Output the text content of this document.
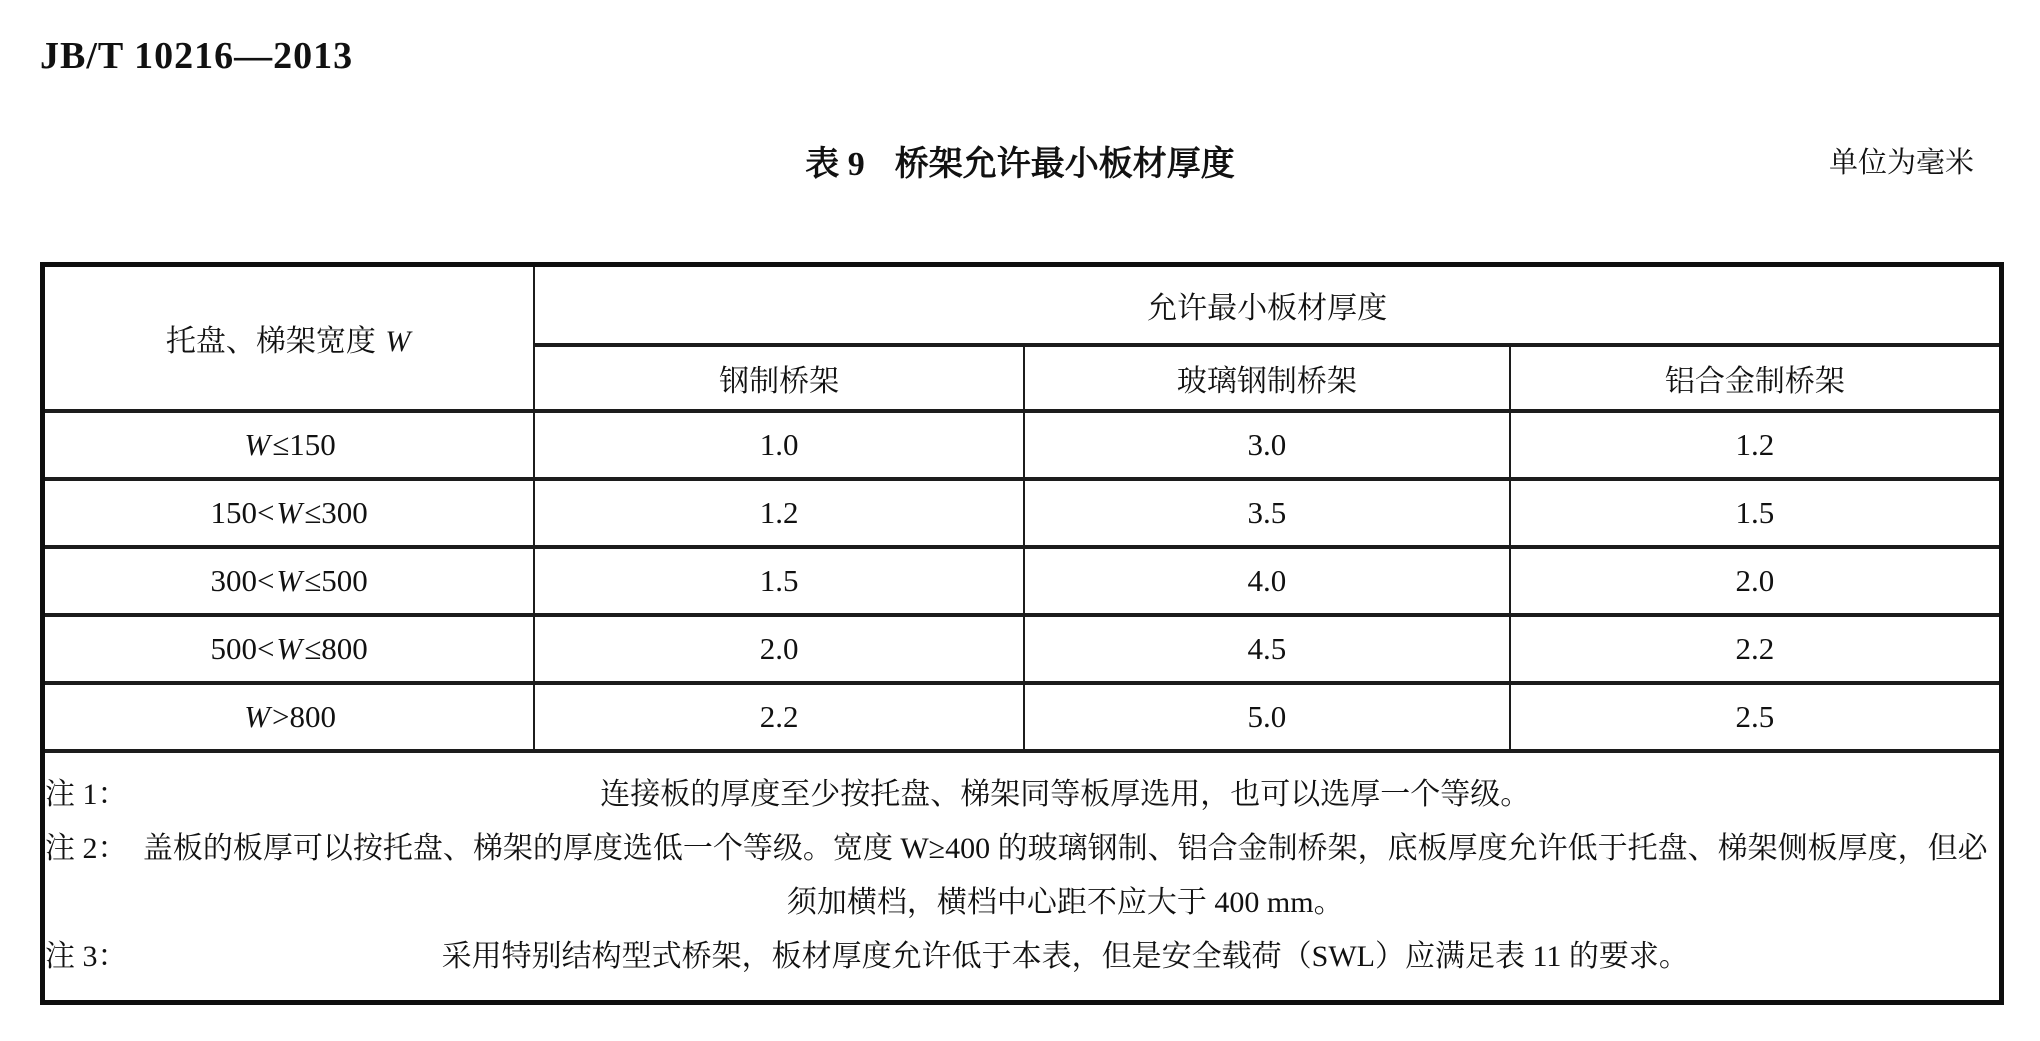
JB/T 10216—2013
表 9 桥架允许最小板材厚度	单位为毫米
托盘、梯架宽度 W	允许最小板材厚度		
	钢制桥架	玻璃钢制桥架	铝合金制桥架
W≤150	1.0	3.0	1.2
150<W≤300	1.2	3.5	1.5
300<W≤500	1.5	4.0	2.0
500<W≤800	2.0	4.5	2.2
W>800	2.2	5.0	2.5

注 1：	连接板的厚度至少按托盘、梯架同等板厚选用，也可以选厚一个等级。
注 2： 盖板的板厚可以按托盘、梯架的厚度选低一个等级。宽度 W≥400 的玻璃钢制、铝合金制桥架，底板厚度允许低于托盘、梯架侧板厚度，但必须加横档，横档中心距不应大于 400 mm。
注 3：	采用特别结构型式桥架，板材厚度允许低于本表，但是安全载荷（SWL）应满足表 11 的要求。
